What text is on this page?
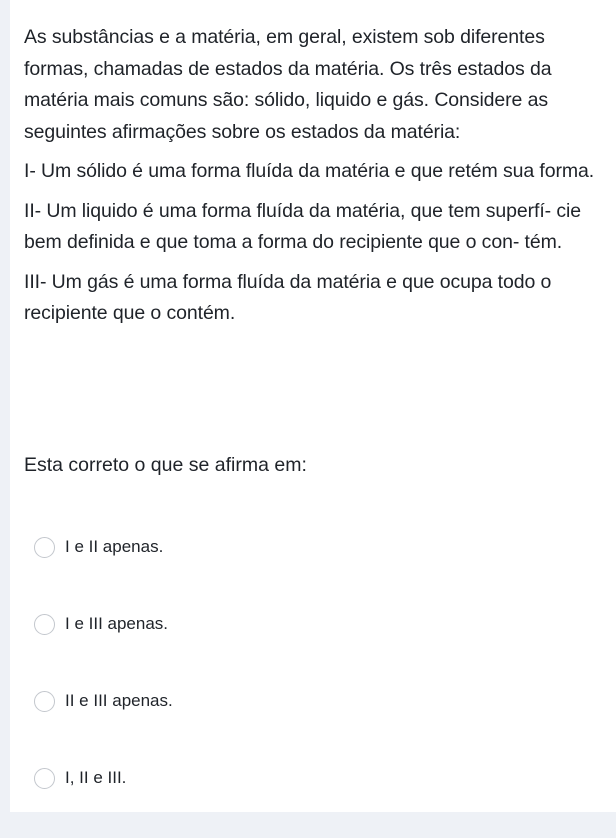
As substâncias e a matéria, em geral, existem sob diferentes formas, chamadas de estados da matéria. Os três estados da matéria mais comuns são: sólido, liquido e gás. Considere as seguintes afirmações sobre os estados da matéria:

I- Um sólido é uma forma fluída da matéria e que retém sua forma.

II- Um liquido é uma forma fluída da matéria, que tem superfí- cie bem definida e que toma a forma do recipiente que o con- tém.

III- Um gás é uma forma fluída da matéria e que ocupa todo o recipiente que o contém.

Esta correto o que se afirma em:
I e II apenas.
I e III apenas.
II e III apenas.
I, II e III.
